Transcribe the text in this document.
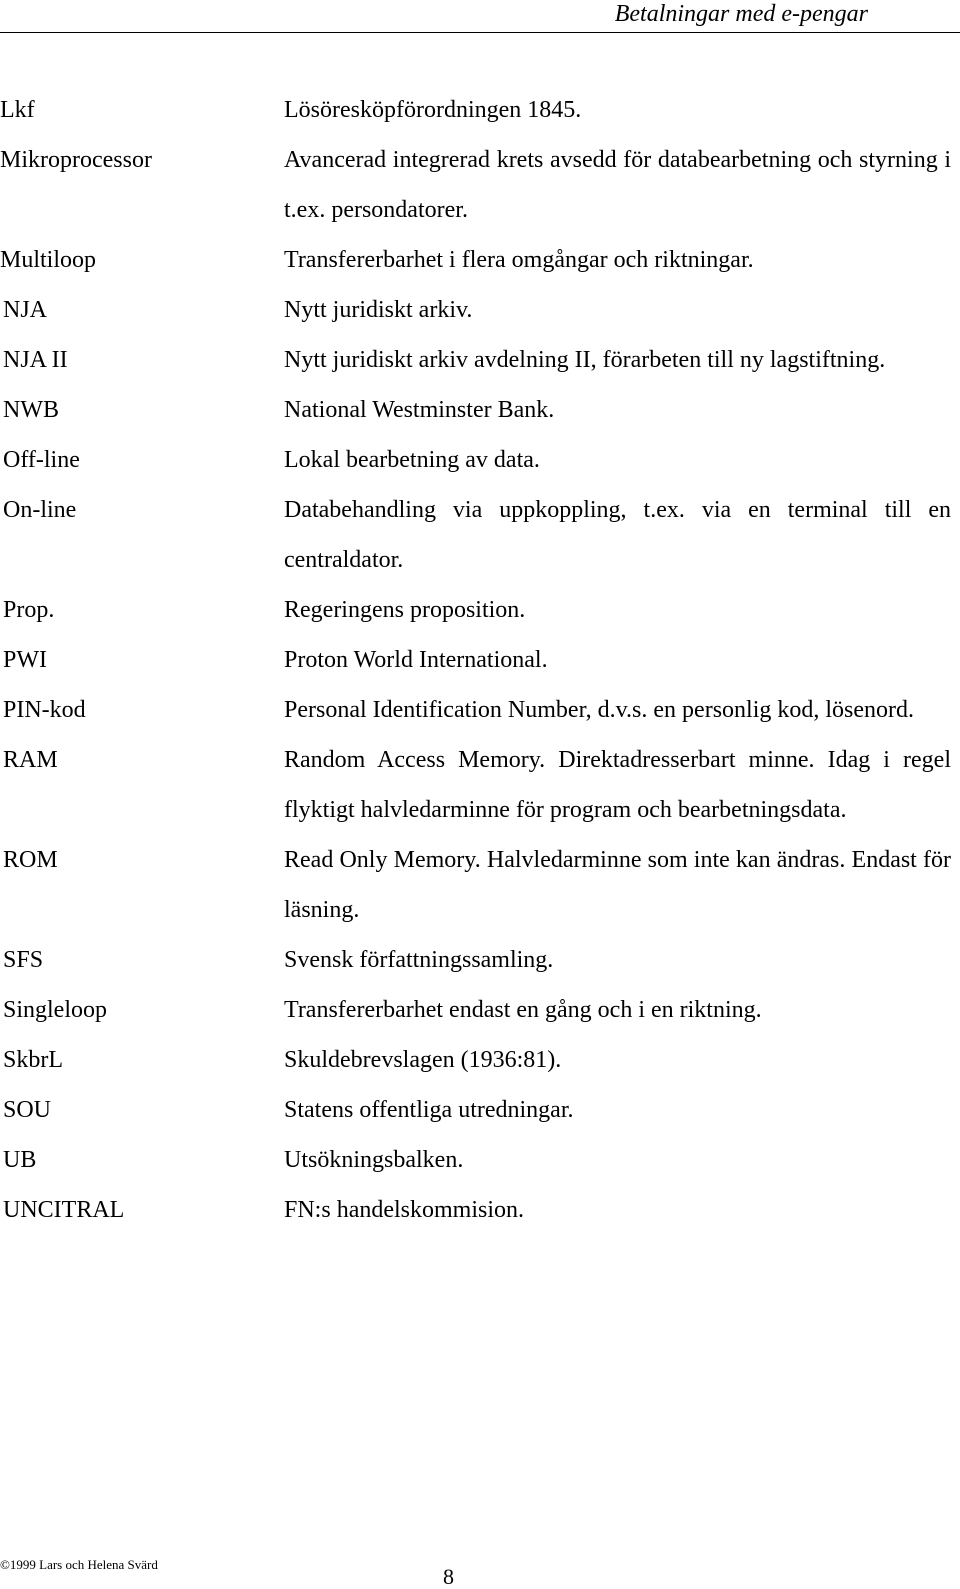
Betalningar med e-pengar
Lkf	Lösöresköpförordningen 1845.
Mikroprocessor	Avancerad integrerad krets avsedd för databearbetning och styrning i t.ex. persondatorer.
Multiloop	Transfererbarhet i flera omgångar och riktningar.
NJA	Nytt juridiskt arkiv.
NJA II	Nytt juridiskt arkiv avdelning II, förarbeten till ny lagstiftning.
NWB	National Westminster Bank.
Off-line	Lokal bearbetning av data.
On-line	Databehandling via uppkoppling, t.ex. via en terminal till en centraldator.
Prop.	Regeringens proposition.
PWI	Proton World International.
PIN-kod	Personal Identification Number, d.v.s. en personlig kod, lösenord.
RAM	Random Access Memory. Direktadresserbart minne. Idag i regel flyktigt halvledarminne för program och bearbetningsdata.
ROM	Read Only Memory. Halvledarminne som inte kan ändras. Endast för läsning.
SFS	Svensk författningssamling.
Singleloop	Transfererbarhet endast en gång och i en riktning.
SkbrL	Skuldebrevslagen (1936:81).
SOU	Statens offentliga utredningar.
UB	Utsökningsbalken.
UNCITRAL	FN:s handelskommision.
©1999 Lars och Helena Svärd	8
